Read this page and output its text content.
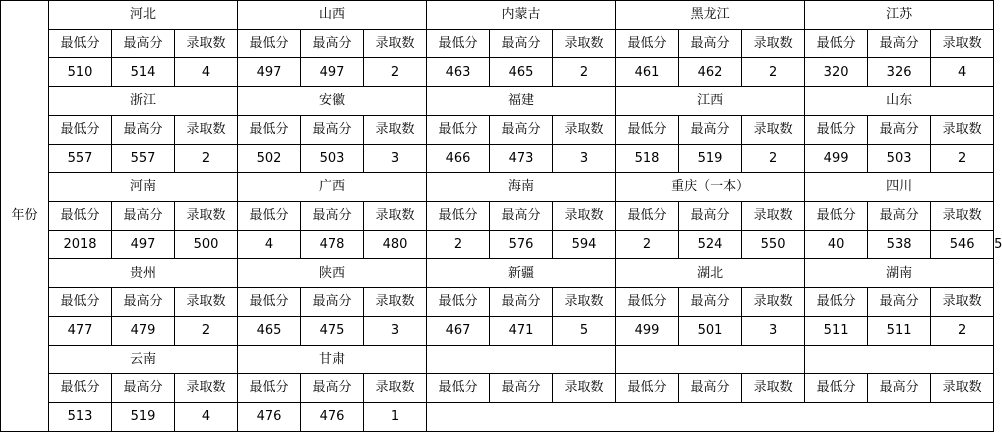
年份	河北			山西			内蒙古			黑龙江			江苏			
	最低分	最高分	录取数	最低分	最高分	录取数	最低分	最高分	录取数	最低分	最高分	录取数	最低分	最高分	录取数	
	510	514	4	497	497	2	463	465	2	461	462	2	320	326	4	
	浙江			安徽			福建			江西			山东			
	最低分	最高分	录取数	最低分	最高分	录取数	最低分	最高分	录取数	最低分	最高分	录取数	最低分	最高分	录取数	
	557	557	2	502	503	3	466	473	3	518	519	2	499	503	2	
	河南			广西			海南			重庆（一本）			四川			
	最低分	最高分	录取数	最低分	最高分	录取数	最低分	最高分	录取数	最低分	最高分	录取数	最低分	最高分	录取数	
	2018	497	500	4	478	480	2	576	594	2	524	550	40	538	546	5
	贵州			陕西			新疆			湖北			湖南			
	最低分	最高分	录取数	最低分	最高分	录取数	最低分	最高分	录取数	最低分	最高分	录取数	最低分	最高分	录取数	
	477	479	2	465	475	3	467	471	5	499	501	3	511	511	2	
	云南			甘肃												
	最低分	最高分	录取数	最低分	最高分	录取数	最低分	最高分	录取数	最低分	最高分	录取数	最低分	最高分	录取数	
	513	519	4	476	476	1										
